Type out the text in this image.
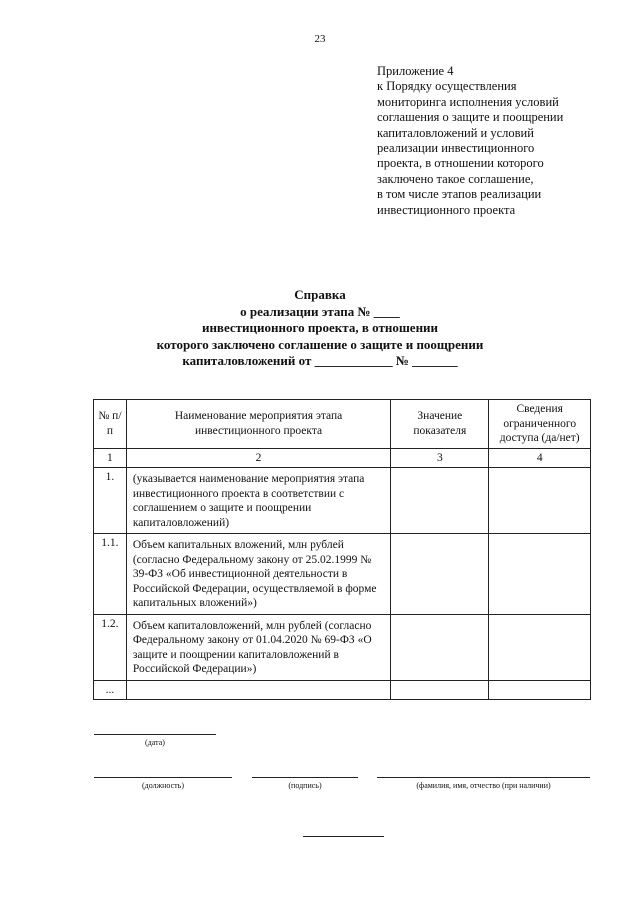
23
Приложение 4
к Порядку осуществления
мониторинга исполнения условий
соглашения о защите и поощрении
капиталовложений и условий
реализации инвестиционного
проекта, в отношении которого
заключено такое соглашение,
в том числе этапов реализации
инвестиционного проекта
Справка
о реализации этапа № ____
инвестиционного проекта, в отношении
которого заключено соглашение о защите и поощрении
капиталовложений от ____________ № _______
№ п/п	Наименование мероприятия этапа инвестиционного проекта	Значение показателя	Сведения ограниченного доступа (да/нет)
1	2	3	4
1.	(указывается наименование мероприятия этапа инвестиционного проекта в соответствии с соглашением о защите и поощрении капиталовложений)		
1.1.	Объем капитальных вложений, млн рублей (согласно Федеральному закону от 25.02.1999 № 39-ФЗ «Об инвестиционной деятельности в Российской Федерации, осуществляемой в форме капитальных вложений»)		
1.2.	Объем капиталовложений, млн рублей (согласно Федеральному закону от 01.04.2020 № 69-ФЗ «О защите и поощрении капиталовложений в Российской Федерации»)		
...			
(дата)
(должность)	(подпись)	(фамилия, имя, отчество (при наличии)
